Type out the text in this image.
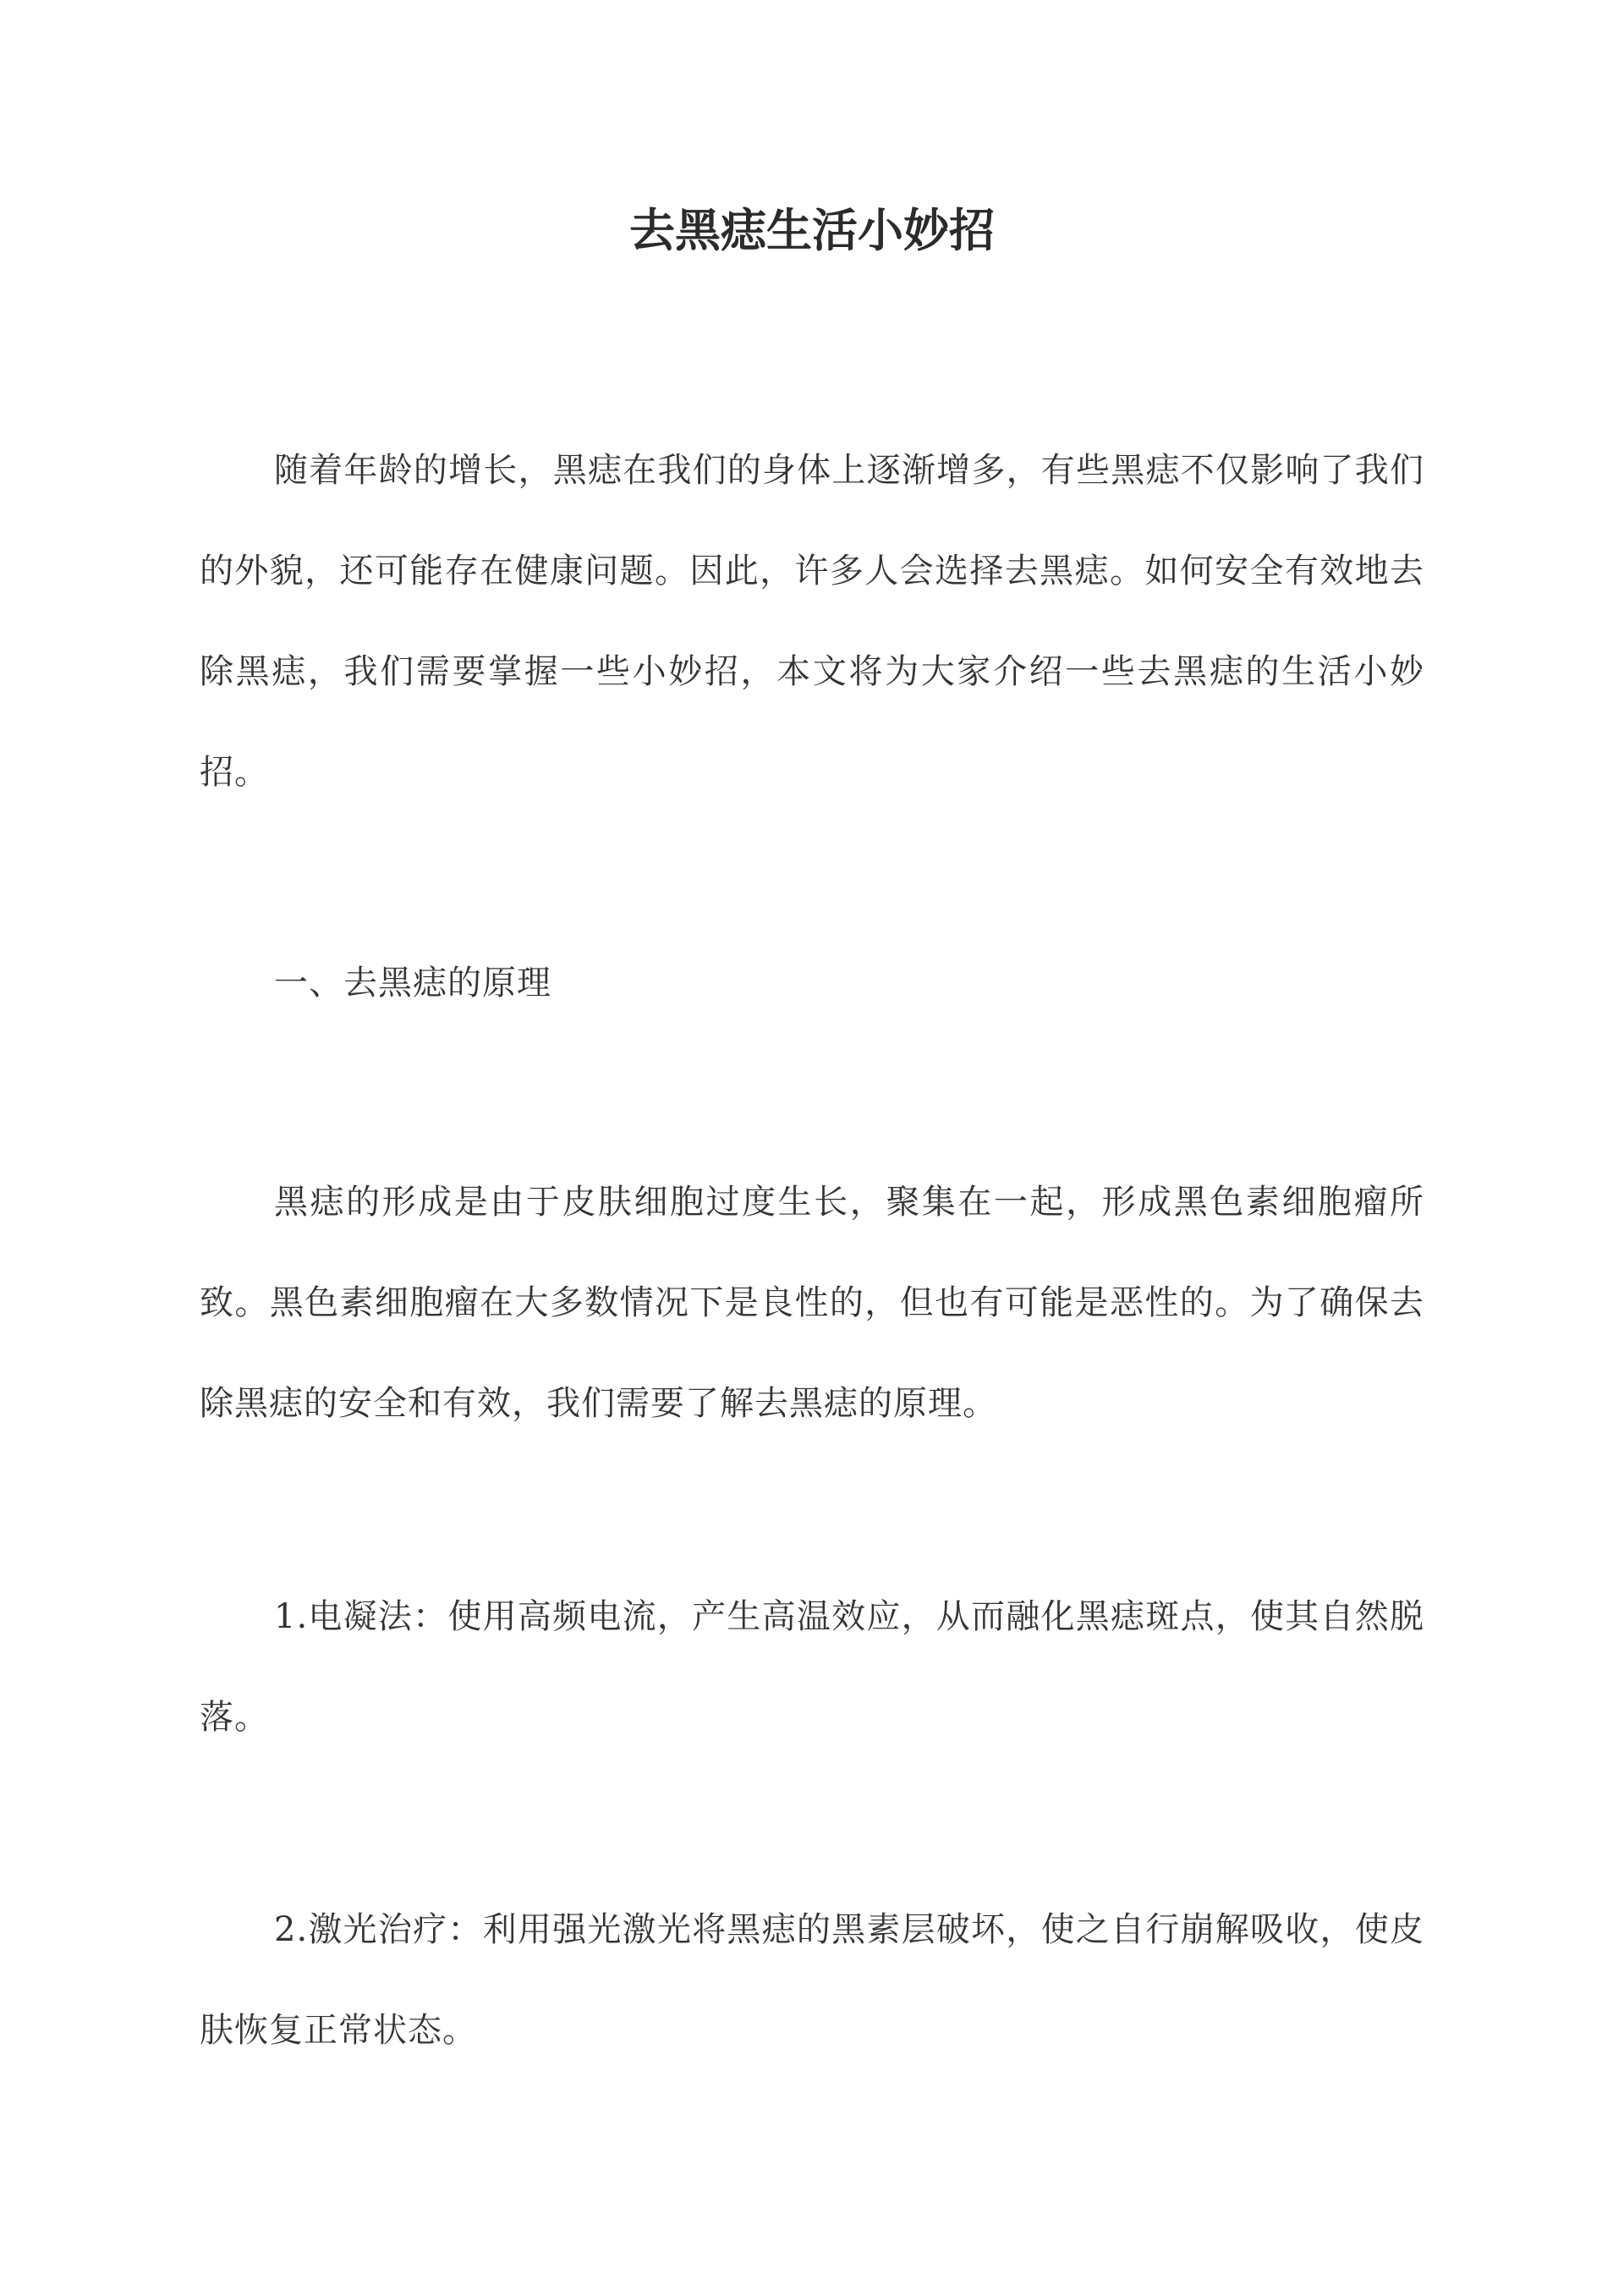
去黑痣生活小妙招

随着年龄的增长，黑痣在我们的身体上逐渐增多，有些黑痣不仅影响了我们的外貌，还可能存在健康问题。因此，许多人会选择去黑痣。如何安全有效地去除黑痣，我们需要掌握一些小妙招，本文将为大家介绍一些去黑痣的生活小妙招。

一、去黑痣的原理

黑痣的形成是由于皮肤细胞过度生长，聚集在一起，形成黑色素细胞瘤所致。黑色素细胞瘤在大多数情况下是良性的，但也有可能是恶性的。为了确保去除黑痣的安全和有效，我们需要了解去黑痣的原理。

1.电凝法：使用高频电流，产生高温效应，从而融化黑痣斑点，使其自然脱落。

2.激光治疗：利用强光激光将黑痣的黑素层破坏，使之自行崩解吸收，使皮肤恢复正常状态。
